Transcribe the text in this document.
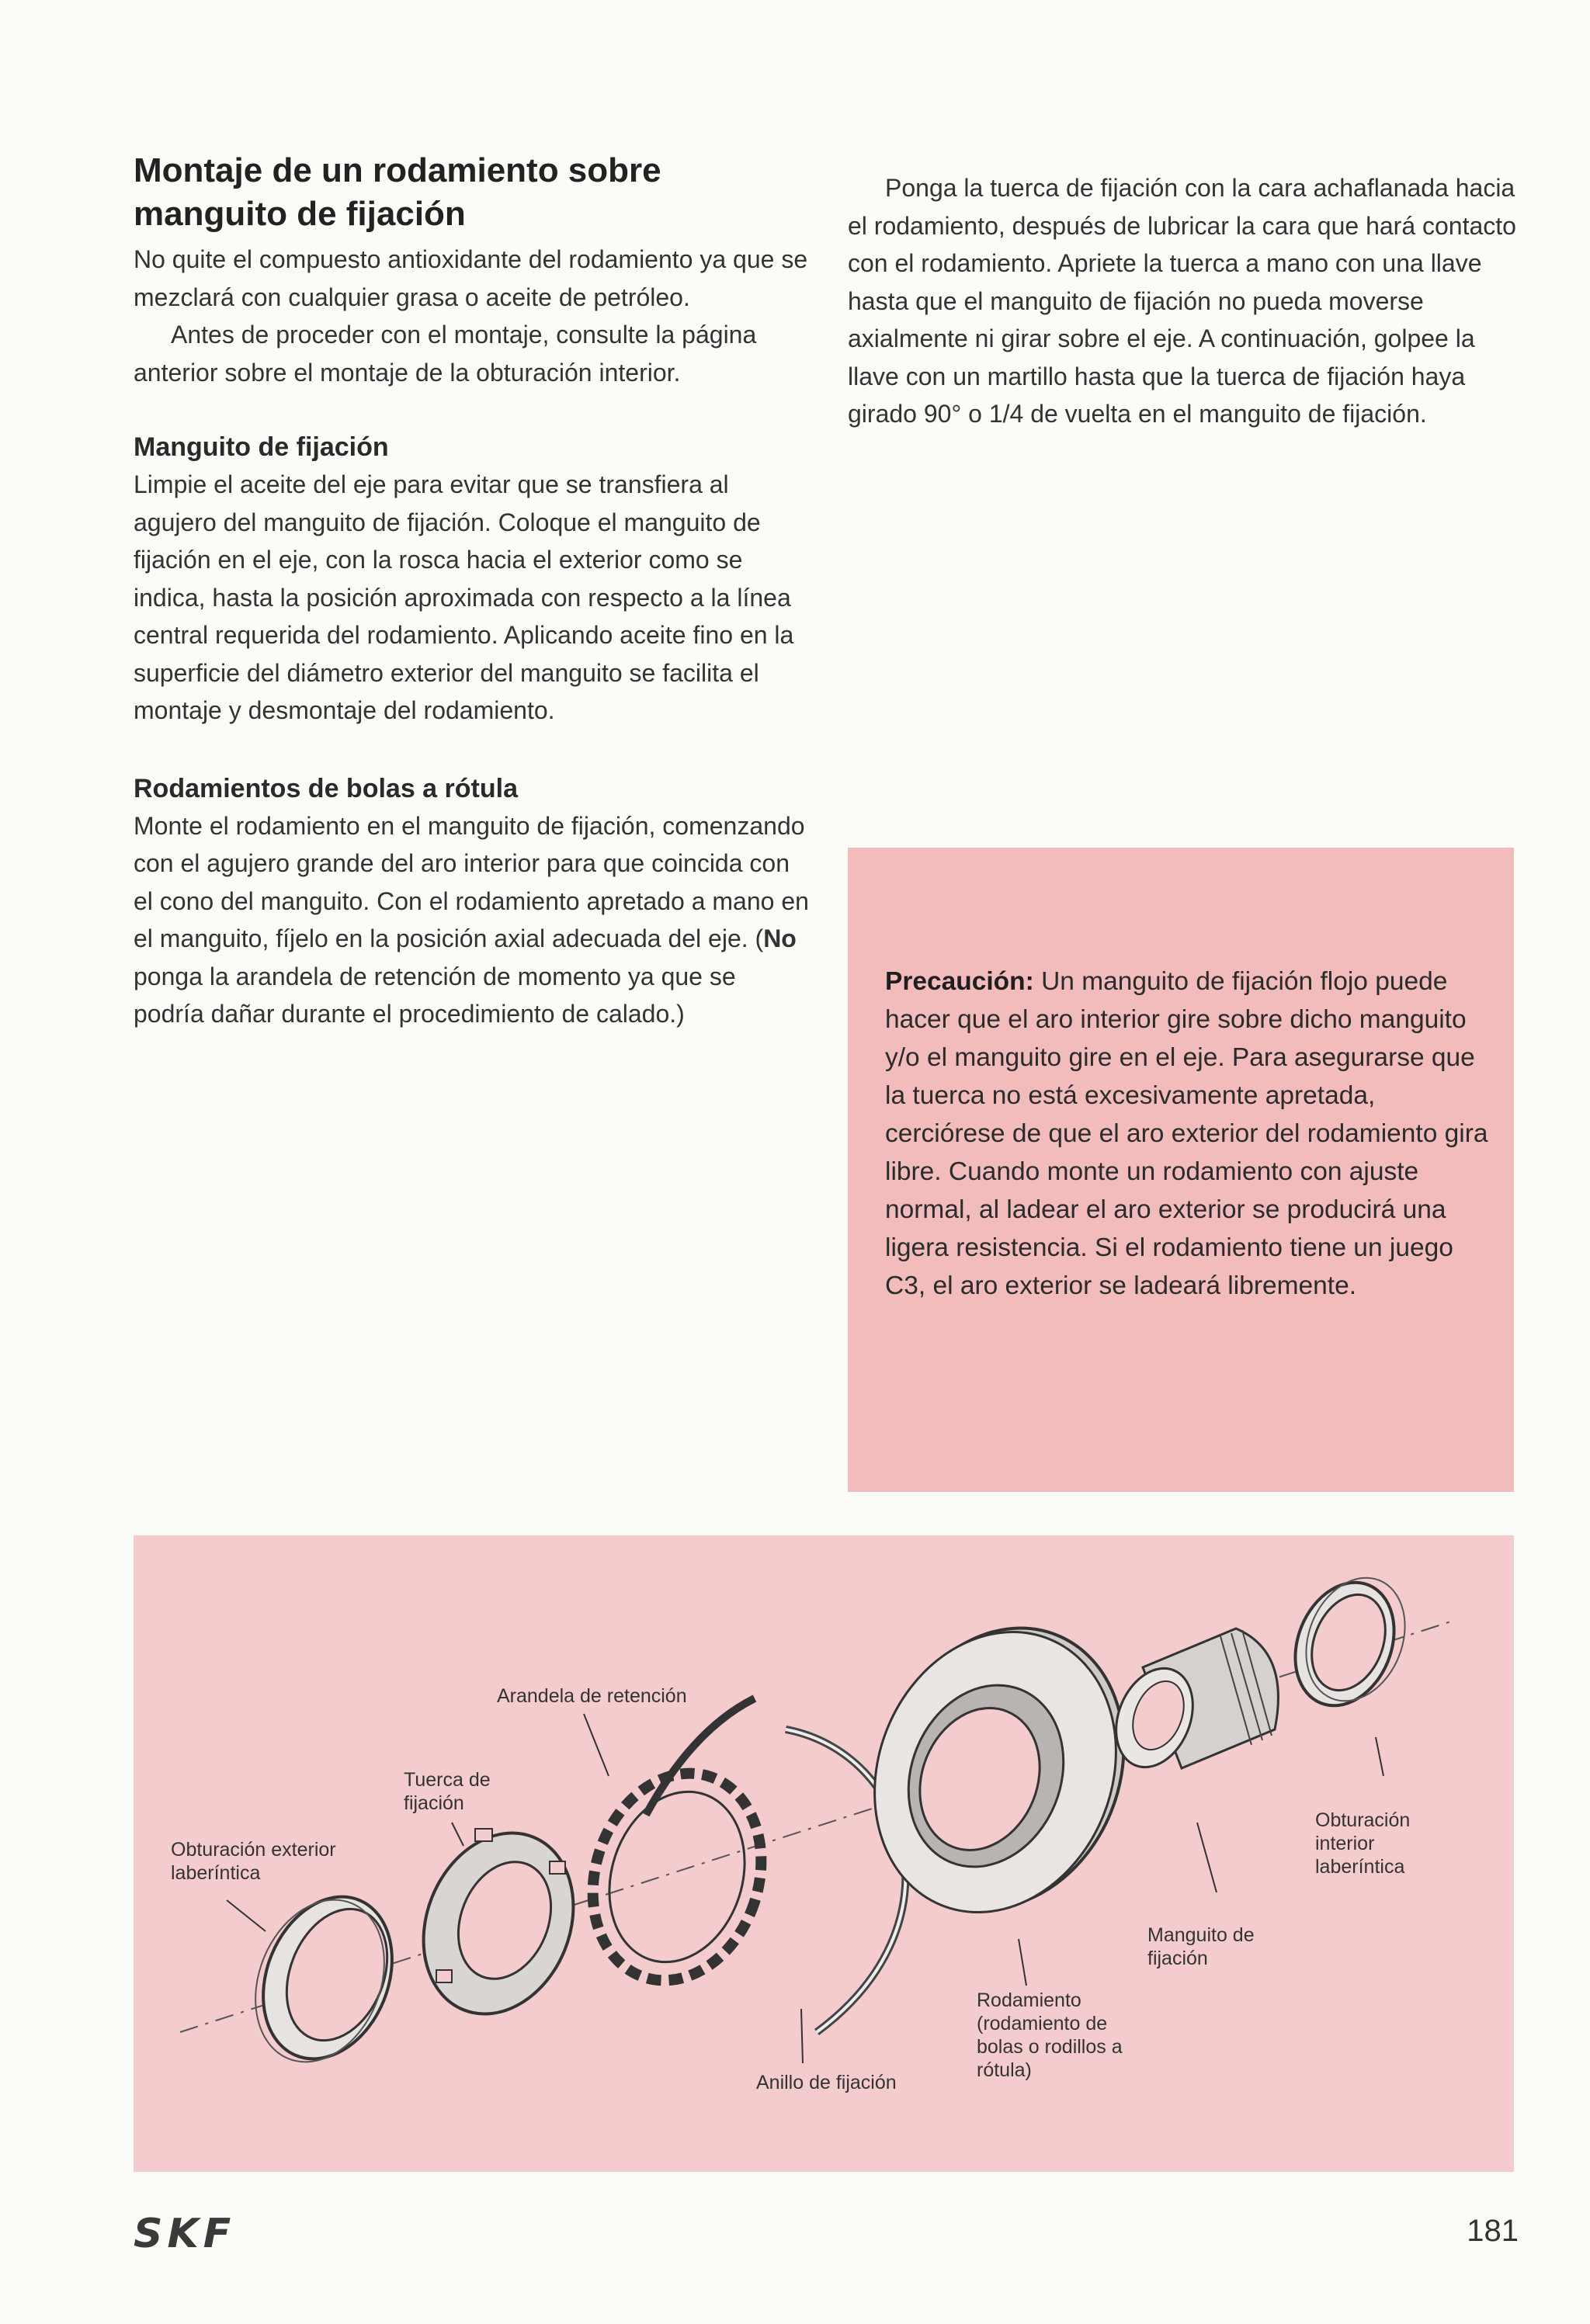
Montaje de un rodamiento sobre
manguito de fijación

No quite el compuesto antioxidante del rodamiento ya que se mezclará con cualquier grasa o aceite de petróleo.

Antes de proceder con el montaje, consulte la página anterior sobre el montaje de la obturación interior.

Manguito de fijación

Limpie el aceite del eje para evitar que se transfiera al agujero del manguito de fijación. Coloque el manguito de fijación en el eje, con la rosca hacia el exterior como se indica, hasta la posición aproximada con respecto a la línea central requerida del rodamiento. Aplicando aceite fino en la superficie del diámetro exterior del manguito se facilita el montaje y desmontaje del rodamiento.

Rodamientos de bolas a rótula

Monte el rodamiento en el manguito de fijación, comenzando con el agujero grande del aro interior para que coincida con el cono del manguito. Con el rodamiento apretado a mano en el manguito, fíjelo en la posición axial adecuada del eje. (No ponga la arandela de retención de momento ya que se podría dañar durante el procedimiento de calado.)

Ponga la tuerca de fijación con la cara achaflanada hacia el rodamiento, después de lubricar la cara que hará contacto con el rodamiento. Apriete la tuerca a mano con una llave hasta que el manguito de fijación no pueda moverse axialmente ni girar sobre el eje. A continuación, golpee la llave con un martillo hasta que la tuerca de fijación haya girado 90° o 1/4 de vuelta en el manguito de fijación.

Precaución: Un manguito de fijación flojo puede hacer que el aro interior gire sobre dicho manguito y/o el manguito gire en el eje. Para asegurarse que la tuerca no está excesivamente apretada, cerciórese de que el aro exterior del rodamiento gira libre. Cuando monte un rodamiento con ajuste normal, al ladear el aro exterior se producirá una ligera resistencia. Si el rodamiento tiene un juego C3, el aro exterior se ladeará libremente.

Arandela de retención

Tuerca de
fijación

Obturación exterior
laberíntica

Obturación
interior
laberíntica

Manguito de
fijación

Rodamiento
(rodamiento de
bolas o rodillos a
rótula)

Anillo de fijación

SKF	181
